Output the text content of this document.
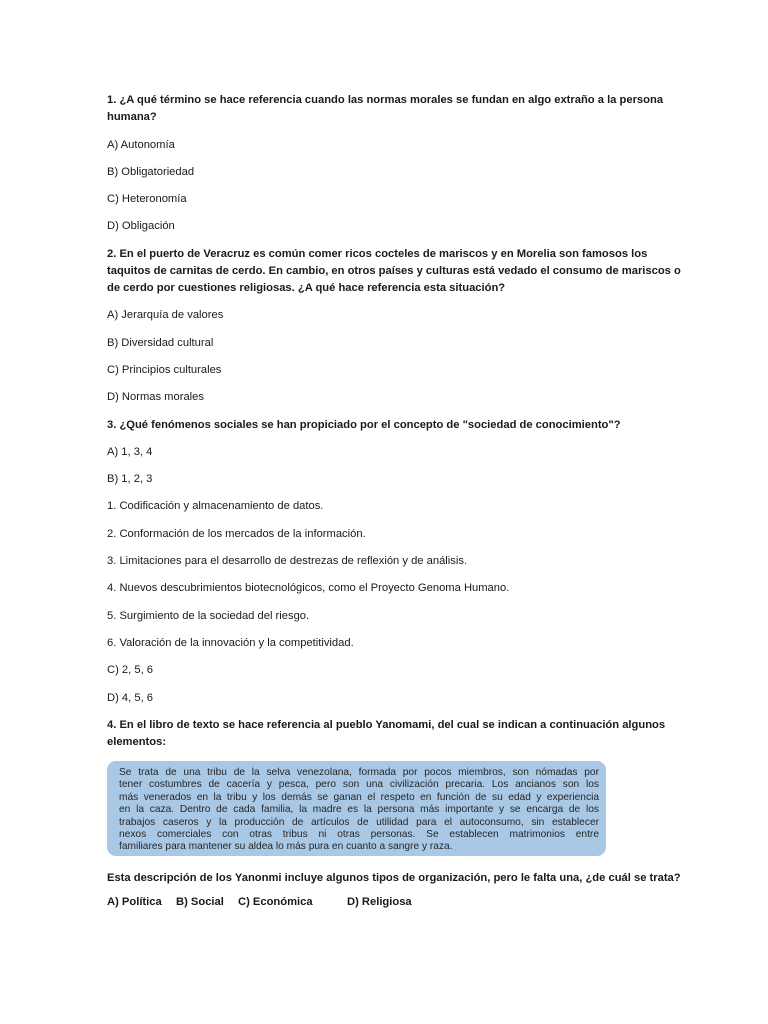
1. ¿A qué término se hace referencia cuando las normas morales se fundan en algo extraño a la persona
humana?
A) Autonomía
B) Obligatoriedad
C) Heteronomía
D) Obligación
2. En el puerto de Veracruz es común comer ricos cocteles de mariscos y en Morelia son famosos los
taquitos de carnitas de cerdo. En cambio, en otros países y culturas está vedado el consumo de mariscos o
de cerdo por cuestiones religiosas. ¿A qué hace referencia esta situación?
A) Jerarquía de valores
B) Diversidad cultural
C) Principios culturales
D) Normas morales
3. ¿Qué fenómenos sociales se han propiciado por el concepto de "sociedad de conocimiento"?
A) 1, 3, 4
B) 1, 2, 3
1. Codificación y almacenamiento de datos.
2. Conformación de los mercados de la información.
3. Limitaciones para el desarrollo de destrezas de reflexión y de análisis.
4. Nuevos descubrimientos biotecnológicos, como el Proyecto Genoma Humano.
5. Surgimiento de la sociedad del riesgo.
6. Valoración de la innovación y la competitividad.
C) 2, 5, 6
D) 4, 5, 6
4. En el libro de texto se hace referencia al pueblo Yanomami, del cual se indican a continuación algunos
elementos:
Se trata de una tribu de la selva venezolana, formada por pocos miembros, son nómadas por
tener costumbres de cacería y pesca, pero son una civilización precaria. Los ancianos son los
más venerados en la tribu y los demás se ganan el respeto en función de su edad y experiencia
en la caza. Dentro de cada familia, la madre es la persona más importante y se encarga de los
trabajos caseros y la producción de artículos de utilidad para el autoconsumo, sin establecer
nexos comerciales con otras tribus ni otras personas. Se establecen matrimonios entre
familiares para mantener su aldea lo más pura en cuanto a sangre y raza.
Esta descripción de los Yanonmi incluye algunos tipos de organización, pero le falta una, ¿de cuál se trata?
A) Política B) Social C) Económica	D) Religiosa
